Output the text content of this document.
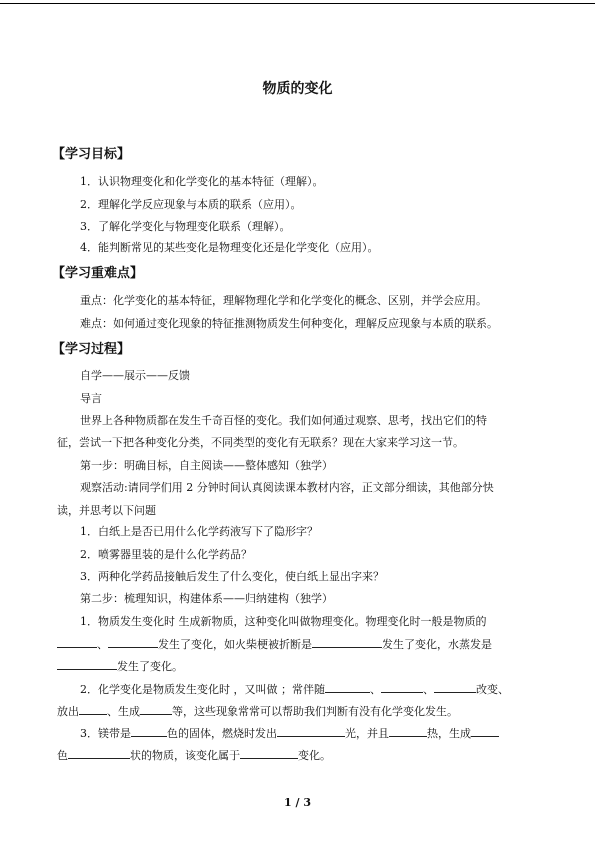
物质的变化
【学习目标】
1．认识物理变化和化学变化的基本特征（理解）。
2．理解化学反应现象与本质的联系（应用）。
3．了解化学变化与物理变化联系（理解）。
4．能判断常见的某些变化是物理变化还是化学变化（应用）。
【学习重难点】
重点：化学变化的基本特征，理解物理化学和化学变化的概念、区别，并学会应用。
难点：如何通过变化现象的特征推测物质发生何种变化，理解反应现象与本质的联系。
【学习过程】
自学——展示——反馈
导言
世界上各种物质都在发生千奇百怪的变化。我们如何通过观察、思考，找出它们的特
征，尝试一下把各种变化分类，不同类型的变化有无联系？现在大家来学习这一节。
第一步：明确目标，自主阅读——整体感知（独学）
观察活动:请同学们用 2 分钟时间认真阅读课本教材内容，正文部分细读，其他部分快
读，并思考以下问题
1．白纸上是否已用什么化学药液写下了隐形字？
2．喷雾器里装的是什么化学药品？
3．两种化学药品接触后发生了什么变化，使白纸上显出字来？
第二步：梳理知识，构建体系——归纳建构（独学）
1．物质发生变化时 生成新物质，这种变化叫做物理变化。物理变化时一般是物质的
、	发生了变化，如火柴梗被折断是	发生了变化，水蒸发是
发生了变化。
2．化学变化是物质发生变化时 ，又叫做 ；常伴随	、	、	改变、
放出	、生成	等，这些现象常常可以帮助我们判断有没有化学变化发生。
3．镁带是	色的固体，燃烧时发出	光，并且	热，生成
色	状的物质，该变化属于	变化。
1 / 3
